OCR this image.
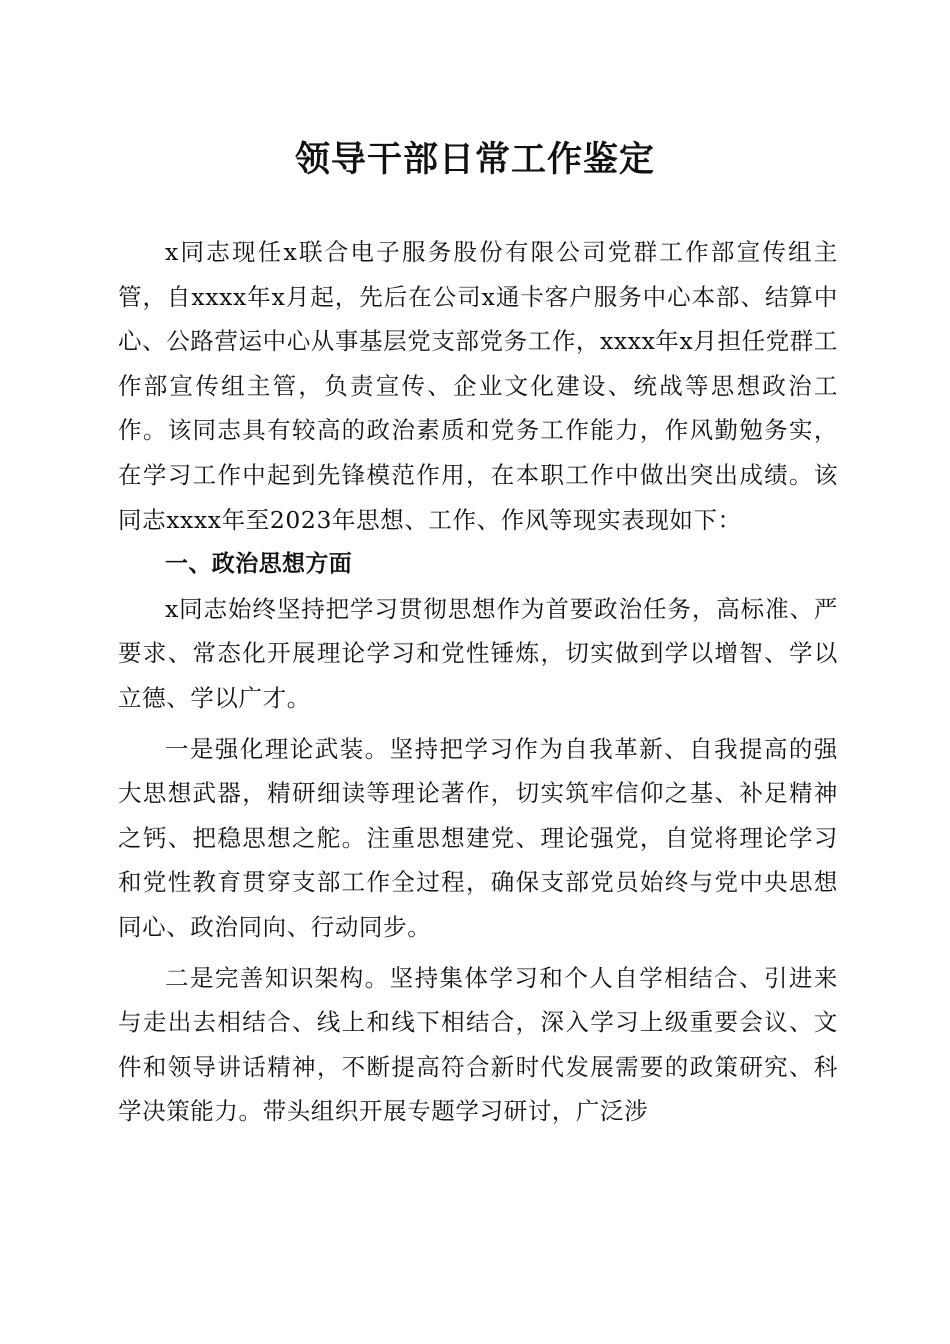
领导干部日常工作鉴定

x同志现任x联合电子服务股份有限公司党群工作部宣传组主管，自xxxx年x月起，先后在公司x通卡客户服务中心本部、结算中心、公路营运中心从事基层党支部党务工作，xxxx年x月担任党群工作部宣传组主管，负责宣传、企业文化建设、统战等思想政治工作。该同志具有较高的政治素质和党务工作能力，作风勤勉务实，在学习工作中起到先锋模范作用，在本职工作中做出突出成绩。该同志xxxx年至2023年思想、工作、作风等现实表现如下：

一、政治思想方面

x同志始终坚持把学习贯彻思想作为首要政治任务，高标准、严要求、常态化开展理论学习和党性锤炼，切实做到学以增智、学以立德、学以广才。

一是强化理论武装。坚持把学习作为自我革新、自我提高的强大思想武器，精研细读等理论著作，切实筑牢信仰之基、补足精神之钙、把稳思想之舵。注重思想建党、理论强党，自觉将理论学习和党性教育贯穿支部工作全过程，确保支部党员始终与党中央思想同心、政治同向、行动同步。

二是完善知识架构。坚持集体学习和个人自学相结合、引进来与走出去相结合、线上和线下相结合，深入学习上级重要会议、文件和领导讲话精神，不断提高符合新时代发展需要的政策研究、科学决策能力。带头组织开展专题学习研讨，广泛涉
